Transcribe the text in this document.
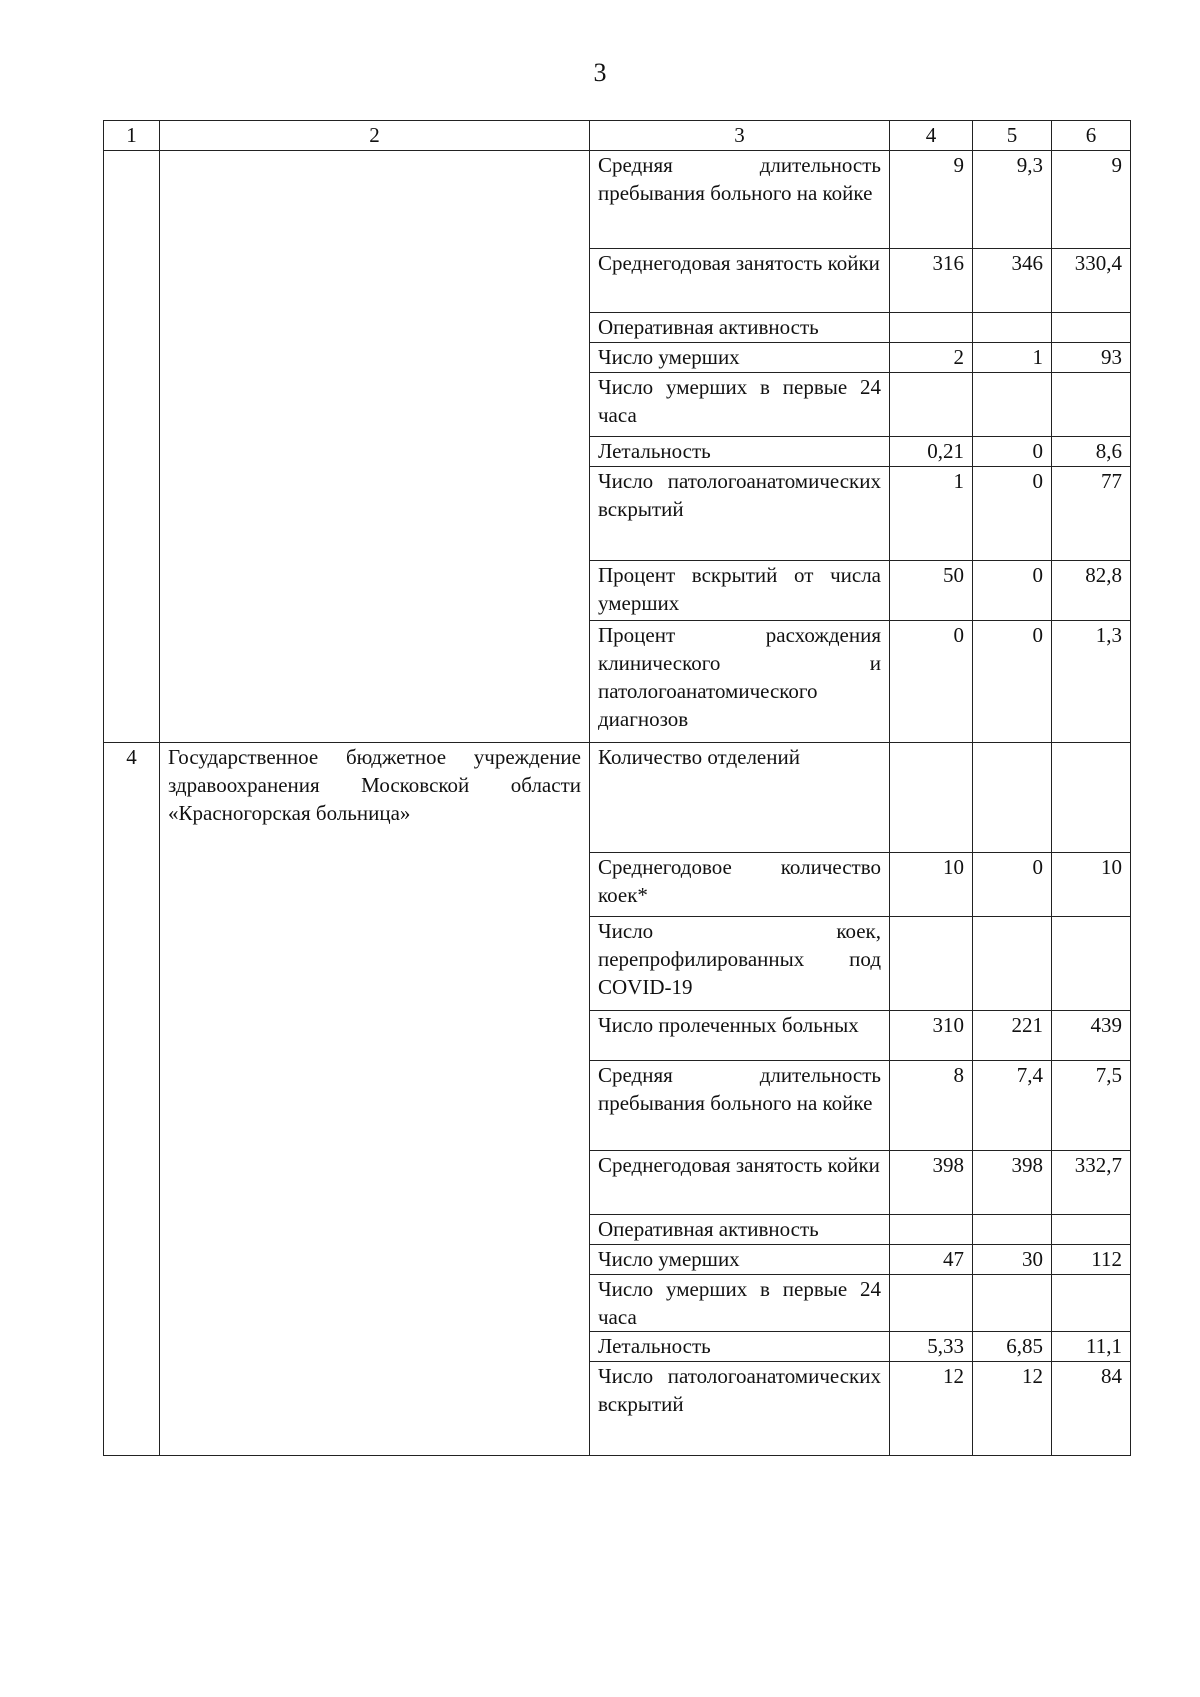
3
1	2	3	4	5	6
		Средняя длительность пребывания больного на койке	9	9,3	9
		Среднегодовая занятость койки	316	346	330,4
		Оперативная активность			
		Число умерших	2	1	93
		Число умерших в первые 24 часа			
		Летальность	0,21	0	8,6
		Число патологоанатомических вскрытий	1	0	77
		Процент вскрытий от числа умерших	50	0	82,8
		Процент расхождения клинического и патологоанатомического диагнозов	0	0	1,3
4	Государственное бюджетное учреждение здравоохранения Московской области «Красногорская больница»	Количество отделений			
		Среднегодовое количество коек*	10	0	10
		Число коек, перепрофилированных под COVID-19			
		Число пролеченных больных	310	221	439
		Средняя длительность пребывания больного на койке	8	7,4	7,5
		Среднегодовая занятость койки	398	398	332,7
		Оперативная активность			
		Число умерших	47	30	112
		Число умерших в первые 24 часа			
		Летальность	5,33	6,85	11,1
		Число патологоанатомических вскрытий	12	12	84
